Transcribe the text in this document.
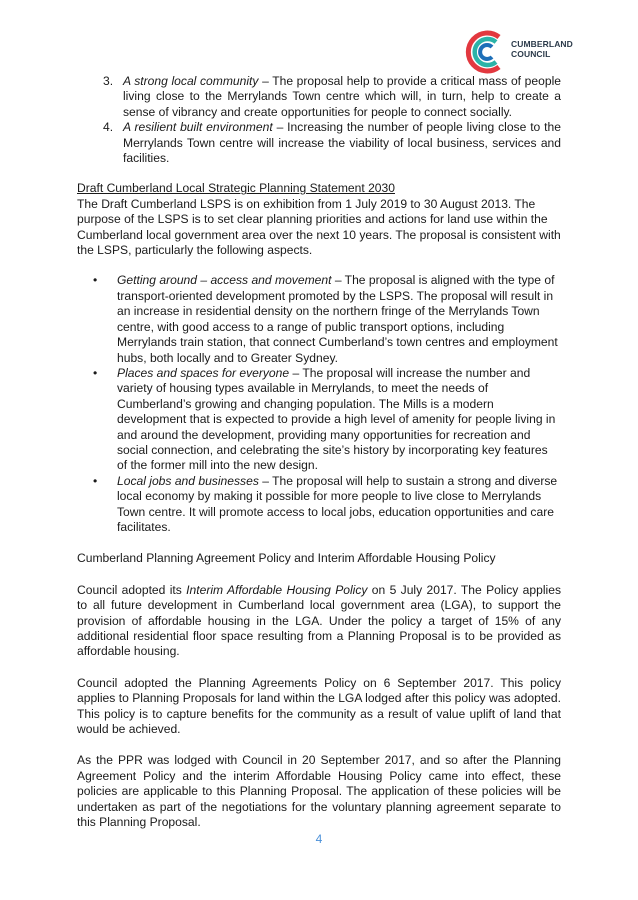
CUMBERLAND
COUNCIL
3. A strong local community – The proposal help to provide a critical mass of people living close to the Merrylands Town centre which will, in turn, help to create a sense of vibrancy and create opportunities for people to connect socially.
4. A resilient built environment – Increasing the number of people living close to the Merrylands Town centre will increase the viability of local business, services and facilities.

Draft Cumberland Local Strategic Planning Statement 2030

The Draft Cumberland LSPS is on exhibition from 1 July 2019 to 30 August 2013. The purpose of the LSPS is to set clear planning priorities and actions for land use within the Cumberland local government area over the next 10 years. The proposal is consistent with the LSPS, particularly the following aspects.

• Getting around – access and movement – The proposal is aligned with the type of transport-oriented development promoted by the LSPS. The proposal will result in an increase in residential density on the northern fringe of the Merrylands Town centre, with good access to a range of public transport options, including Merrylands train station, that connect Cumberland’s town centres and employment hubs, both locally and to Greater Sydney.
• Places and spaces for everyone – The proposal will increase the number and variety of housing types available in Merrylands, to meet the needs of Cumberland’s growing and changing population. The Mills is a modern development that is expected to provide a high level of amenity for people living in and around the development, providing many opportunities for recreation and social connection, and celebrating the site’s history by incorporating key features of the former mill into the new design.
• Local jobs and businesses – The proposal will help to sustain a strong and diverse local economy by making it possible for more people to live close to Merrylands Town centre. It will promote access to local jobs, education opportunities and care facilitates.

Cumberland Planning Agreement Policy and Interim Affordable Housing Policy

Council adopted its Interim Affordable Housing Policy on 5 July 2017. The Policy applies to all future development in Cumberland local government area (LGA), to support the provision of affordable housing in the LGA. Under the policy a target of 15% of any additional residential floor space resulting from a Planning Proposal is to be provided as affordable housing.

Council adopted the Planning Agreements Policy on 6 September 2017. This policy applies to Planning Proposals for land within the LGA lodged after this policy was adopted. This policy is to capture benefits for the community as a result of value uplift of land that would be achieved.

As the PPR was lodged with Council in 20 September 2017, and so after the Planning Agreement Policy and the interim Affordable Housing Policy came into effect, these policies are applicable to this Planning Proposal. The application of these policies will be undertaken as part of the negotiations for the voluntary planning agreement separate to this Planning Proposal.

4
